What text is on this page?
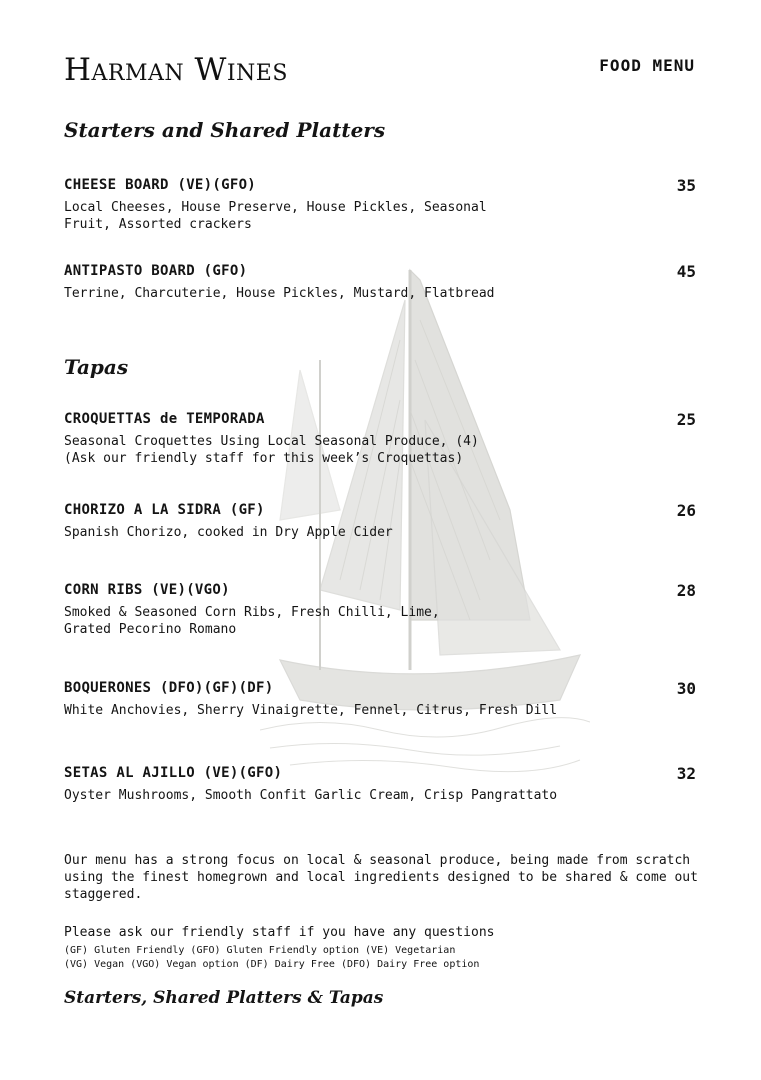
Harman Wines	FOOD MENU
Starters and Shared Platters
CHEESE BOARD (VE)(GFO)	35
Local Cheeses, House Preserve, House Pickles, Seasonal
Fruit, Assorted crackers
ANTIPASTO BOARD (GFO)	45
Terrine, Charcuterie, House Pickles, Mustard, Flatbread
Tapas
CROQUETTAS de TEMPORADA	25
Seasonal Croquettes Using Local Seasonal Produce, (4)
(Ask our friendly staff for this week’s Croquettas)
CHORIZO A LA SIDRA (GF)	26
Spanish Chorizo, cooked in Dry Apple Cider
CORN RIBS (VE)(VGO)	28
Smoked & Seasoned Corn Ribs, Fresh Chilli, Lime,
Grated Pecorino Romano
BOQUERONES (DFO)(GF)(DF)	30
White Anchovies, Sherry Vinaigrette, Fennel, Citrus, Fresh Dill
SETAS AL AJILLO (VE)(GFO)	32
Oyster Mushrooms, Smooth Confit Garlic Cream, Crisp Pangrattato
Our menu has a strong focus on local & seasonal produce, being made from scratch using the finest homegrown and local ingredients designed to be shared & come out staggered.
Please ask our friendly staff if you have any questions
(GF) Gluten Friendly (GFO) Gluten Friendly option (VE) Vegetarian
(VG) Vegan (VGO) Vegan option (DF) Dairy Free (DFO) Dairy Free option
Starters, Shared Platters & Tapas
